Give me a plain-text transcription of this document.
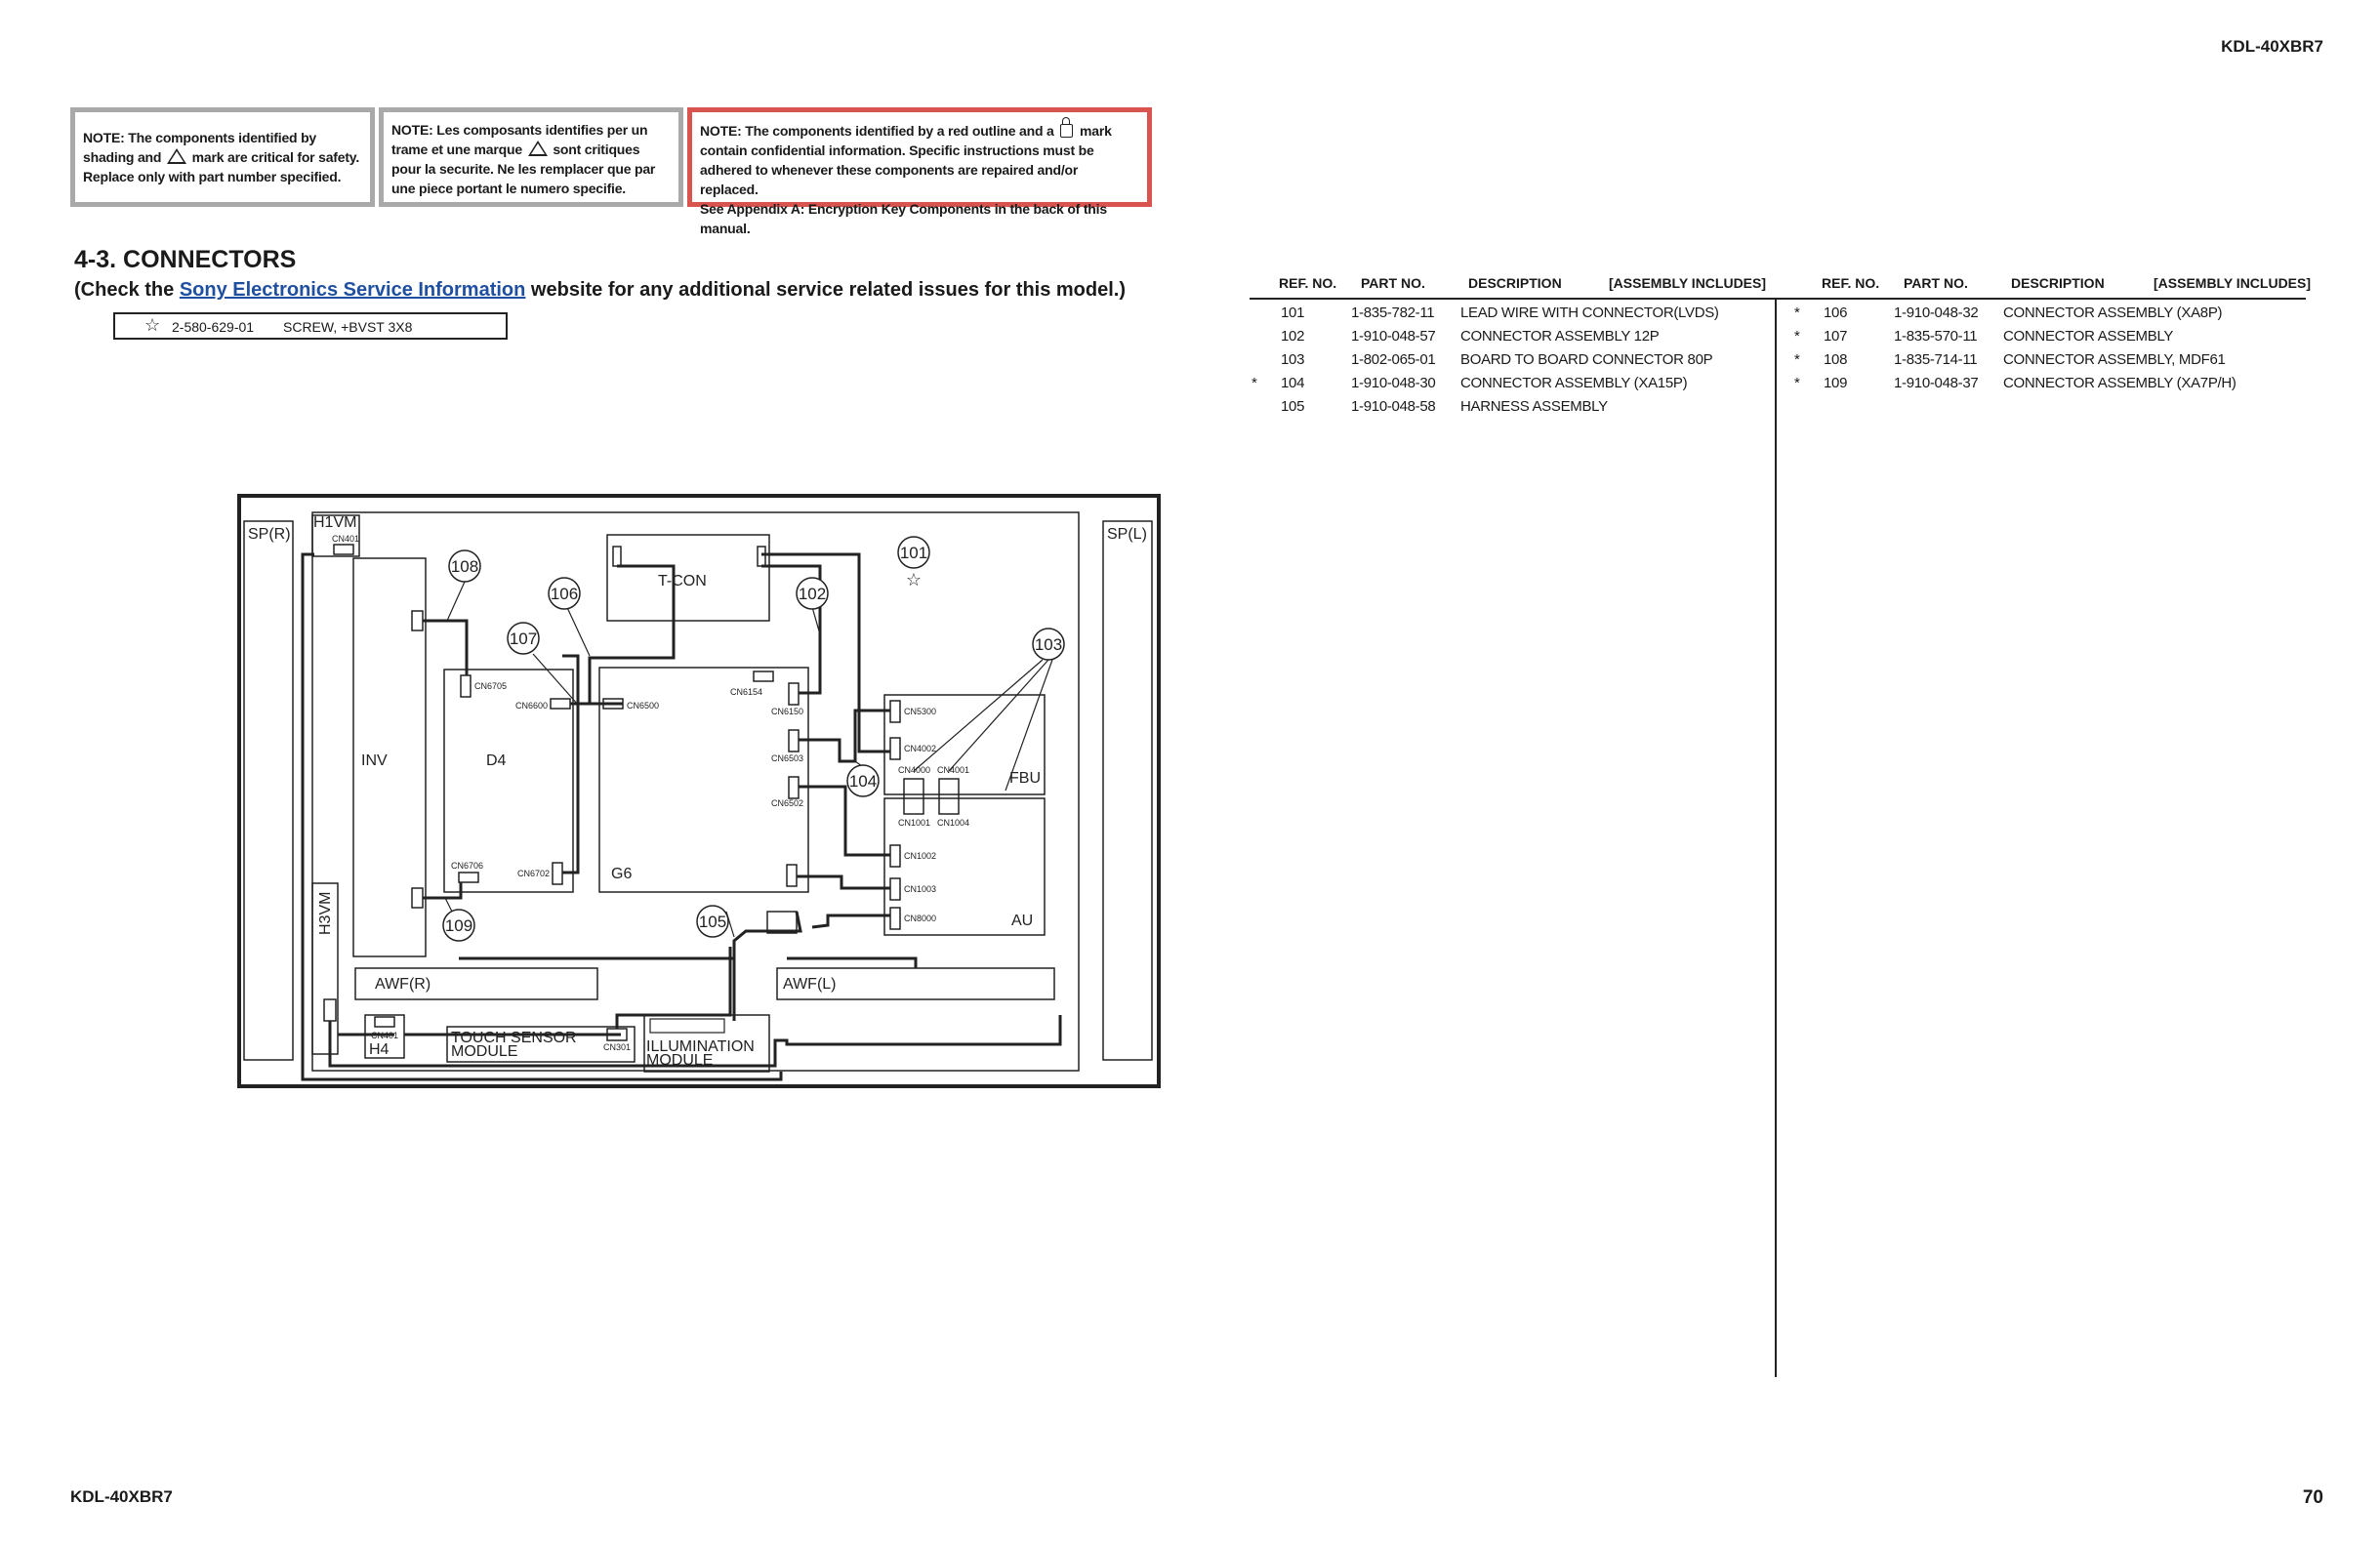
KDL-40XBR7
KDL-40XBR7	70
NOTE: The components identified by shading and mark are critical for safety. Replace only with part number specified.
NOTE: Les composants identifies per un trame et une marque sont critiques pour la securite. Ne les remplacer que par une piece portant le numero specifie.
NOTE: The components identified by a red outline and a mark contain confidential information. Specific instructions must be adhered to whenever these components are repaired and/or replaced.
See Appendix A: Encryption Key Components in the back of this manual.
4-3. CONNECTORS
(Check the Sony Electronics Service Information website for any additional service related issues for this model.)
☆ 2-580-629-01 SCREW, +BVST 3X8
REF. NO. PART NO.	DESCRIPTION	[ASSEMBLY INCLUDES]	REF. NO. PART NO.	DESCRIPTION	[ASSEMBLY INCLUDES]
101	1-835-782-11 LEAD WIRE WITH CONNECTOR(LVDS)
102	1-910-048-57 CONNECTOR ASSEMBLY 12P
103	1-802-065-01 BOARD TO BOARD CONNECTOR 80P
* 104	1-910-048-30 CONNECTOR ASSEMBLY (XA15P)
105	1-910-048-58 HARNESS ASSEMBLY
* 106	1-910-048-32 CONNECTOR ASSEMBLY (XA8P)
* 107	1-835-570-11 CONNECTOR ASSEMBLY
* 108	1-835-714-11 CONNECTOR ASSEMBLY, MDF61
* 109	1-910-048-37 CONNECTOR ASSEMBLY (XA7P/H)
SP(R)	SP(L)
H1VM
H3VM
T-CON
INV	D4
G6
FBU
AU
AWF(R)	AWF(L)
H4
TOUCH SENSOR
MODULE	ILLUMINATION
MODULE
CN401
CN6705
CN6600	CN6500
CN6154
CN6150
CN6503
CN6502
CN6706
CN6702
CN5300
CN4002
CN4000 CN4001
CN1001 CN1004
CN1002
CN1003
CN8000
CN401
CN301
108
106
107
101
102
103
104
105
109
☆
